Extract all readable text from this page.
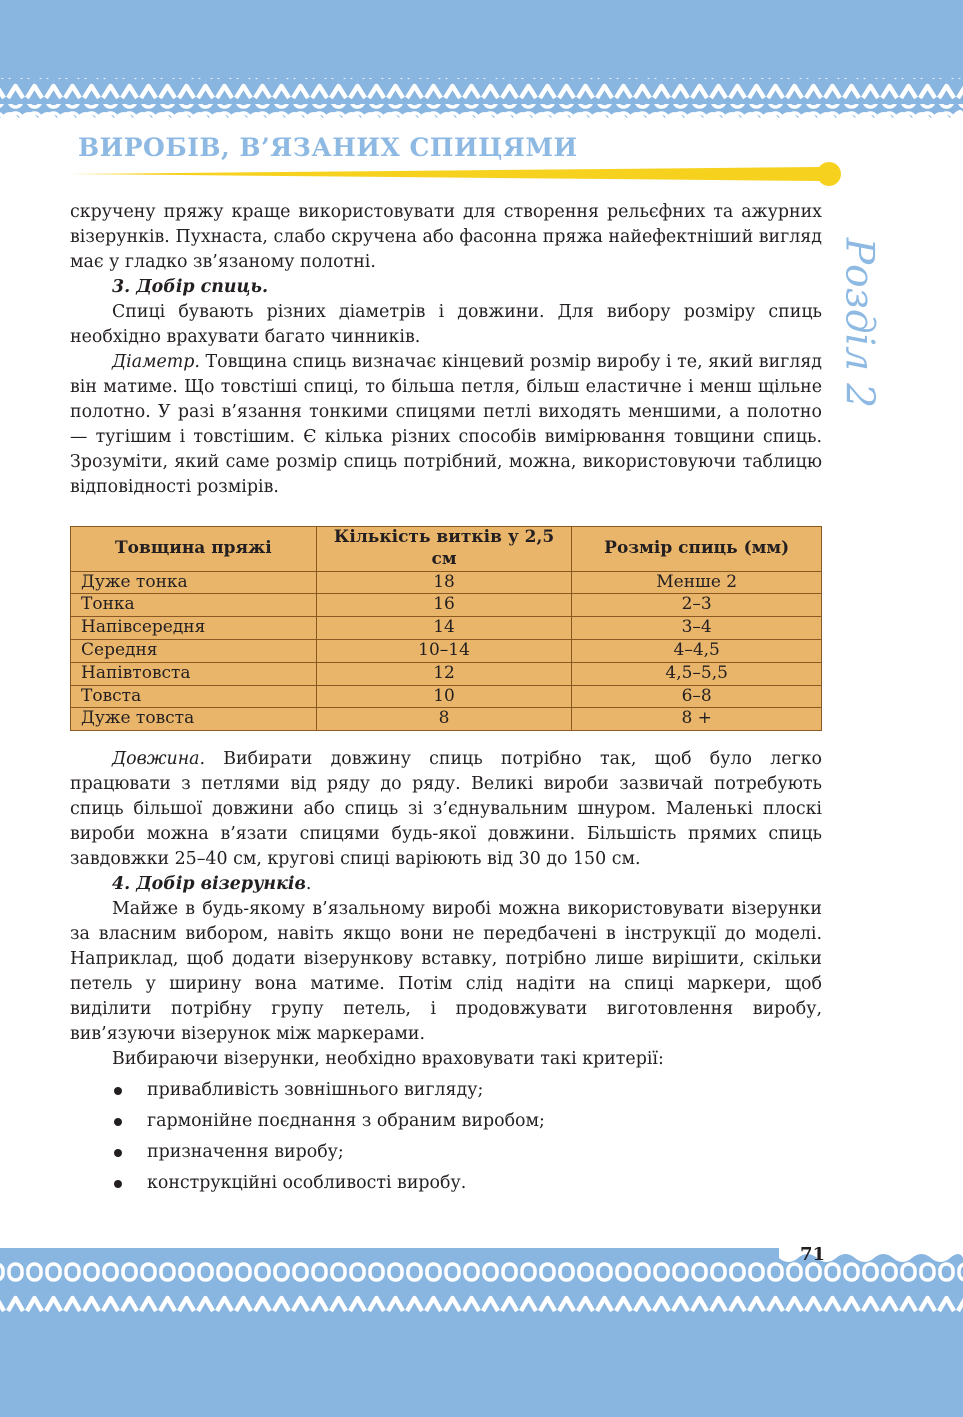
ВИРОБІВ, В’ЯЗАНИХ СПИЦЯМИ
Розділ 2

скручену пряжу краще використовувати для створення рельєфних та ажурних візерунків. Пухнаста, слабо скручена або фасонна пряжа найефектніший вигляд має у гладко зв’язаному полотні.

3. Добір спиць.

Спиці бувають різних діаметрів і довжини. Для вибору розміру спиць необхідно врахувати багато чинників.

Діаметр. Товщина спиць визначає кінцевий розмір виробу і те, який вигляд він матиме. Що товстіші спиці, то більша петля, більш еластичне і менш щільне полотно. У разі в’язання тонкими спицями петлі виходять меншими, а полотно — тугішим і товстішим. Є кілька різних способів вимірювання товщини спиць. Зрозуміти, який саме розмір спиць потрібний, можна, використовуючи таблицю відповідності розмірів.

Товщина пряжі	Кількість витків у 2,5 см	Розмір спиць (мм)
Дуже тонка	18	Менше 2
Тонка	16	2–3
Напівсередня	14	3–4
Середня	10–14	4–4,5
Напівтовста	12	4,5–5,5
Товста	10	6–8
Дуже товста	8	8 +

Довжина. Вибирати довжину спиць потрібно так, щоб було легко працювати з петлями від ряду до ряду. Великі вироби зазвичай потребують спиць більшої довжини або спиць зі з’єднувальним шнуром. Маленькі плоскі вироби можна в’язати спицями будь-якої довжини. Більшість прямих спиць завдовжки 25–40 см, кругові спиці варіюють від 30 до 150 см.

4. Добір візерунків.

Майже в будь-якому в’язальному виробі можна використовувати візерунки за власним вибором, навіть якщо вони не передбачені в інструкції до моделі. Наприклад, щоб додати візерункову вставку, потрібно лише вирішити, скільки петель у ширину вона матиме. Потім слід надіти на спиці маркери, щоб виділити потрібну групу петель, і продовжувати виготовлення виробу, вив’язуючи візерунок між маркерами.

Вибираючи візерунки, необхідно враховувати такі критерії:

привабливість зовнішнього вигляду;
гармонійне поєднання з обраним виробом;
призначення виробу;
конструкційні особливості виробу.

71
